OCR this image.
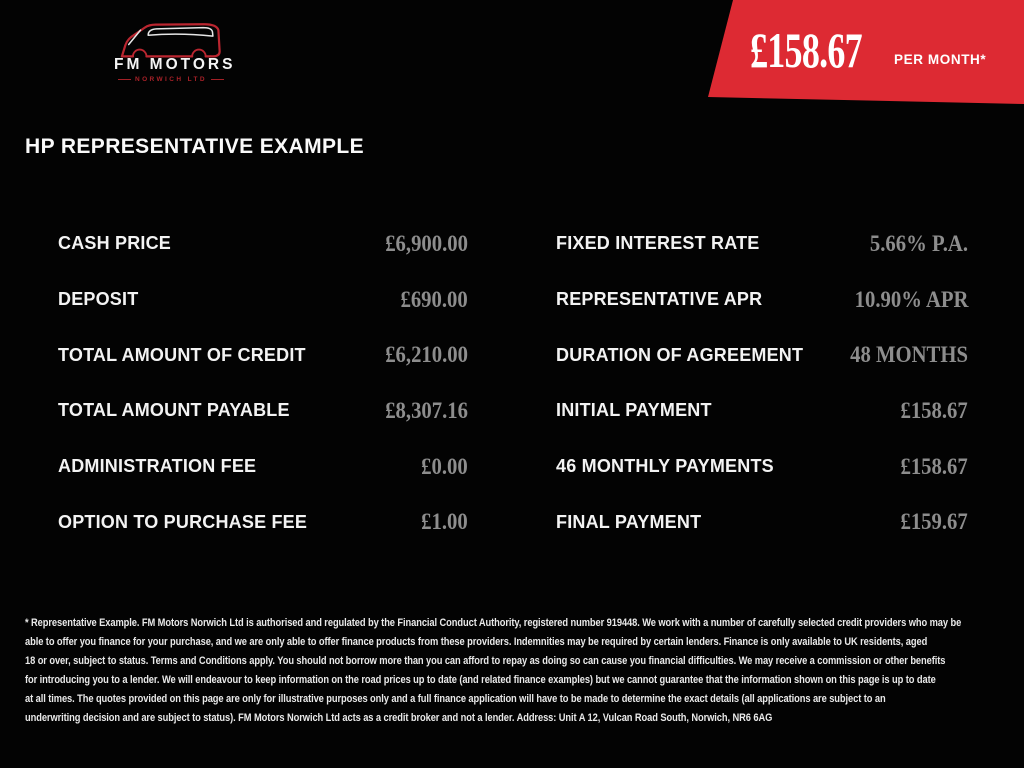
£158.67 PER MONTH*
FM MOTORS
NORWICH LTD
HP REPRESENTATIVE EXAMPLE
CASH PRICE	£6,900.00
DEPOSIT	£690.00
TOTAL AMOUNT OF CREDIT	£6,210.00
TOTAL AMOUNT PAYABLE	£8,307.16
ADMINISTRATION FEE	£0.00
OPTION TO PURCHASE FEE	£1.00
FIXED INTEREST RATE	5.66% P.A.
REPRESENTATIVE APR	10.90% APR
DURATION OF AGREEMENT 48 MONTHS
INITIAL PAYMENT	£158.67
46 MONTHLY PAYMENTS	£158.67
FINAL PAYMENT	£159.67
* Representative Example. FM Motors Norwich Ltd is authorised and regulated by the Financial Conduct Authority, registered number 919448. We work with a number of carefully selected credit providers who may be
able to offer you finance for your purchase, and we are only able to offer finance products from these providers. Indemnities may be required by certain lenders. Finance is only available to UK residents, aged
18 or over, subject to status. Terms and Conditions apply. You should not borrow more than you can afford to repay as doing so can cause you financial difficulties. We may receive a commission or other benefits
for introducing you to a lender. We will endeavour to keep information on the road prices up to date (and related finance examples) but we cannot guarantee that the information shown on this page is up to date
at all times. The quotes provided on this page are only for illustrative purposes only and a full finance application will have to be made to determine the exact details (all applications are subject to an
underwriting decision and are subject to status). FM Motors Norwich Ltd acts as a credit broker and not a lender. Address: Unit A 12, Vulcan Road South, Norwich, NR6 6AG
